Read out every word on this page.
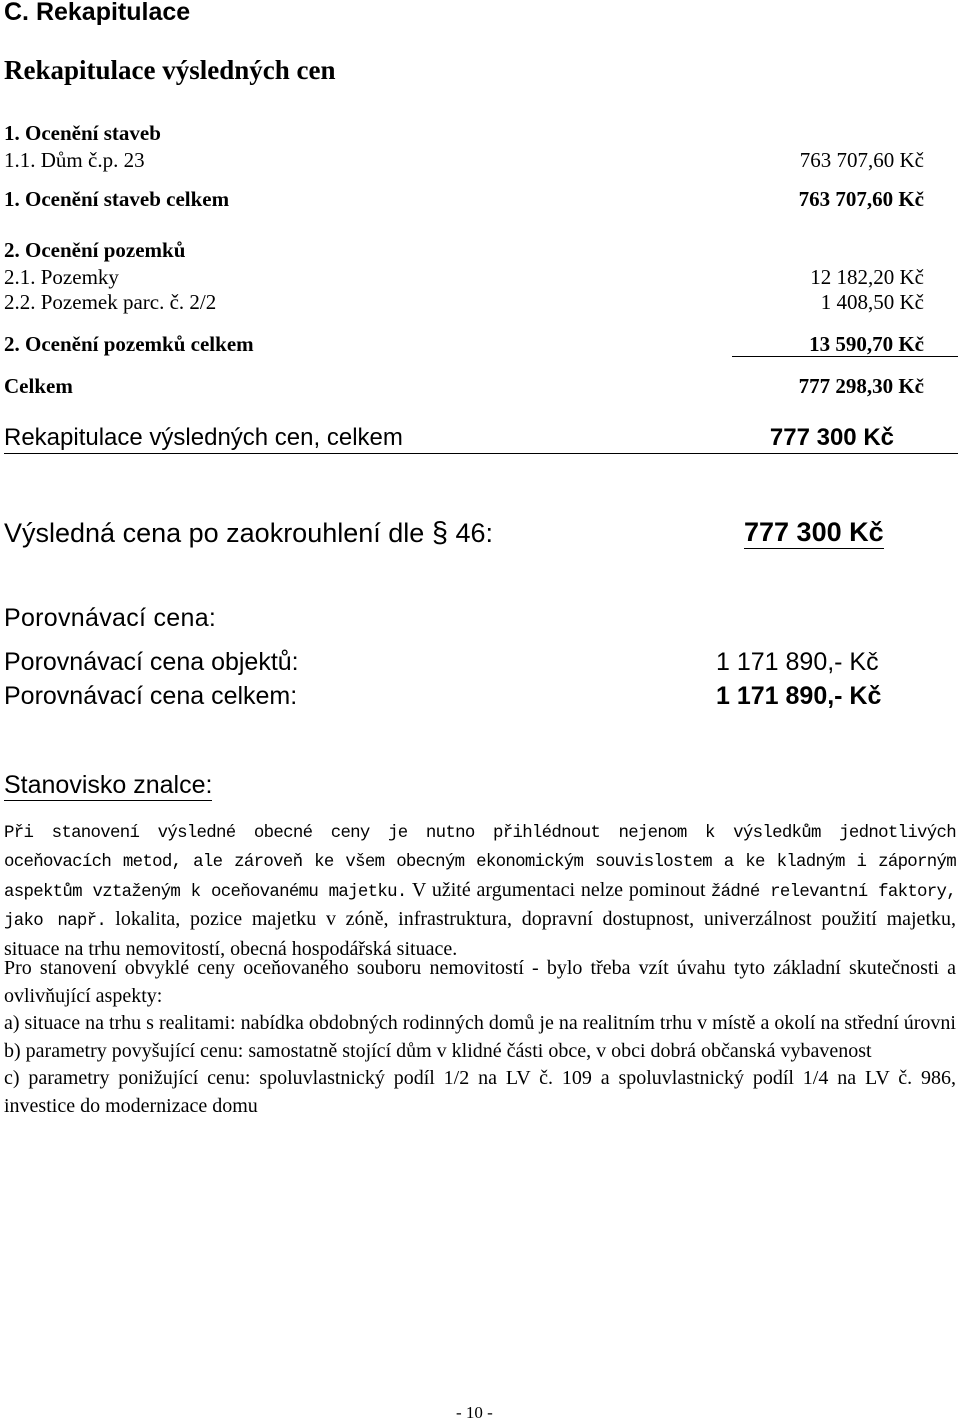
C. Rekapitulace
Rekapitulace výsledných cen
1. Ocenění staveb
1.1. Dům č.p. 23	763 707,60 Kč
1. Ocenění staveb celkem	763 707,60 Kč
2. Ocenění pozemků
2.1. Pozemky	12 182,20 Kč
2.2. Pozemek parc. č. 2/2	1 408,50 Kč
2. Ocenění pozemků celkem	13 590,70 Kč
Celkem	777 298,30 Kč
Rekapitulace výsledných cen, celkem	777 300 Kč
Výsledná cena po zaokrouhlení dle § 46:	777 300 Kč
Porovnávací cena:
Porovnávací cena objektů:	1 171 890,- Kč
Porovnávací cena celkem:	1 171 890,- Kč
Stanovisko znalce:

Při stanovení výsledné obecné ceny je nutno přihlédnout nejenom k výsledkům jednotlivých oceňovacích metod, ale zároveň ke všem obecným ekonomickým souvislostem a ke kladným i záporným aspektům vztaženým k oceňovanému majetku. V užité argumentaci nelze pominout žádné relevantní faktory, jako např. lokalita, pozice majetku v zóně, infrastruktura, dopravní dostupnost, univerzálnost použití majetku, situace na trhu nemovitostí, obecná hospodářská situace.

Pro stanovení obvyklé ceny oceňovaného souboru nemovitostí - bylo třeba vzít úvahu tyto základní skutečnosti a ovlivňující aspekty:

a) situace na trhu s realitami: nabídka obdobných rodinných domů je na realitním trhu v místě a okolí na střední úrovni

b) parametry povyšující cenu: samostatně stojící dům v klidné části obce, v obci dobrá občanská vybavenost

c) parametry ponižující cenu: spoluvlastnický podíl 1/2 na LV č. 109 a spoluvlastnický podíl 1/4 na LV č. 986, investice do modernizace domu

- 10 -
